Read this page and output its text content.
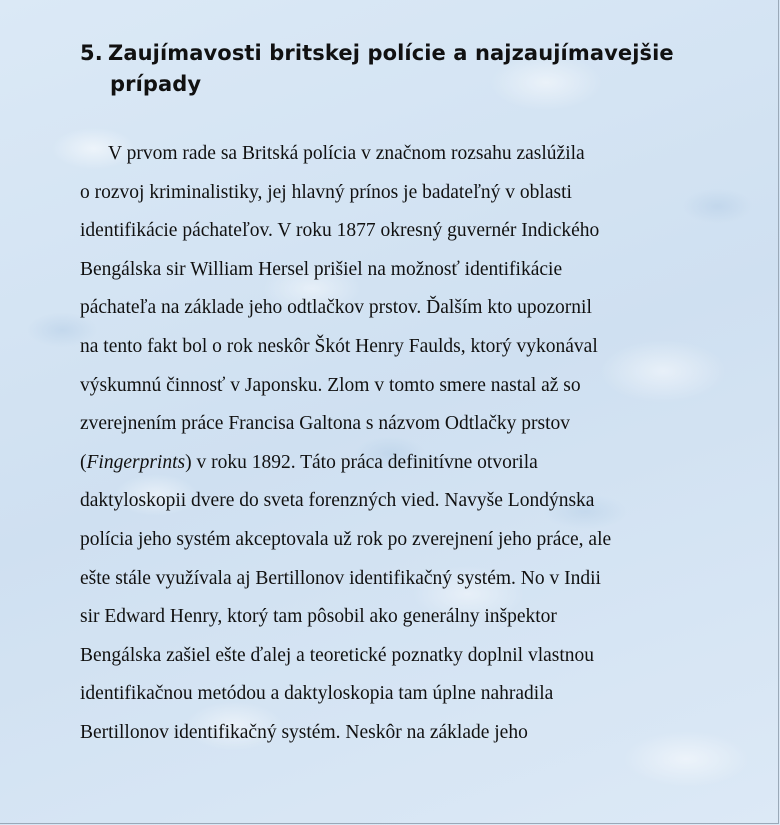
5. Zaujímavosti britskej polície a najzaujímavejšie
prípady
V prvom rade sa Britská polícia v značnom rozsahu zaslúžila
o rozvoj kriminalistiky, jej hlavný prínos je badateľný v oblasti
identifikácie páchateľov. V roku 1877 okresný guvernér Indického
Bengálska sir William Hersel prišiel na možnosť identifikácie
páchateľa na základe jeho odtlačkov prstov. Ďalším kto upozornil
na tento fakt bol o rok neskôr Škót Henry Faulds, ktorý vykonával
výskumnú činnosť v Japonsku. Zlom v tomto smere nastal až so
zverejnením práce Francisa Galtona s názvom Odtlačky prstov
(Fingerprints) v roku 1892. Táto práca definitívne otvorila
daktyloskopii dvere do sveta forenzných vied. Navyše Londýnska
polícia jeho systém akceptovala už rok po zverejnení jeho práce, ale
ešte stále využívala aj Bertillonov identifikačný systém. No v Indii
sir Edward Henry, ktorý tam pôsobil ako generálny inšpektor
Bengálska zašiel ešte ďalej a teoretické poznatky doplnil vlastnou
identifikačnou metódou a daktyloskopia tam úplne nahradila
Bertillonov identifikačný systém. Neskôr na základe jeho
